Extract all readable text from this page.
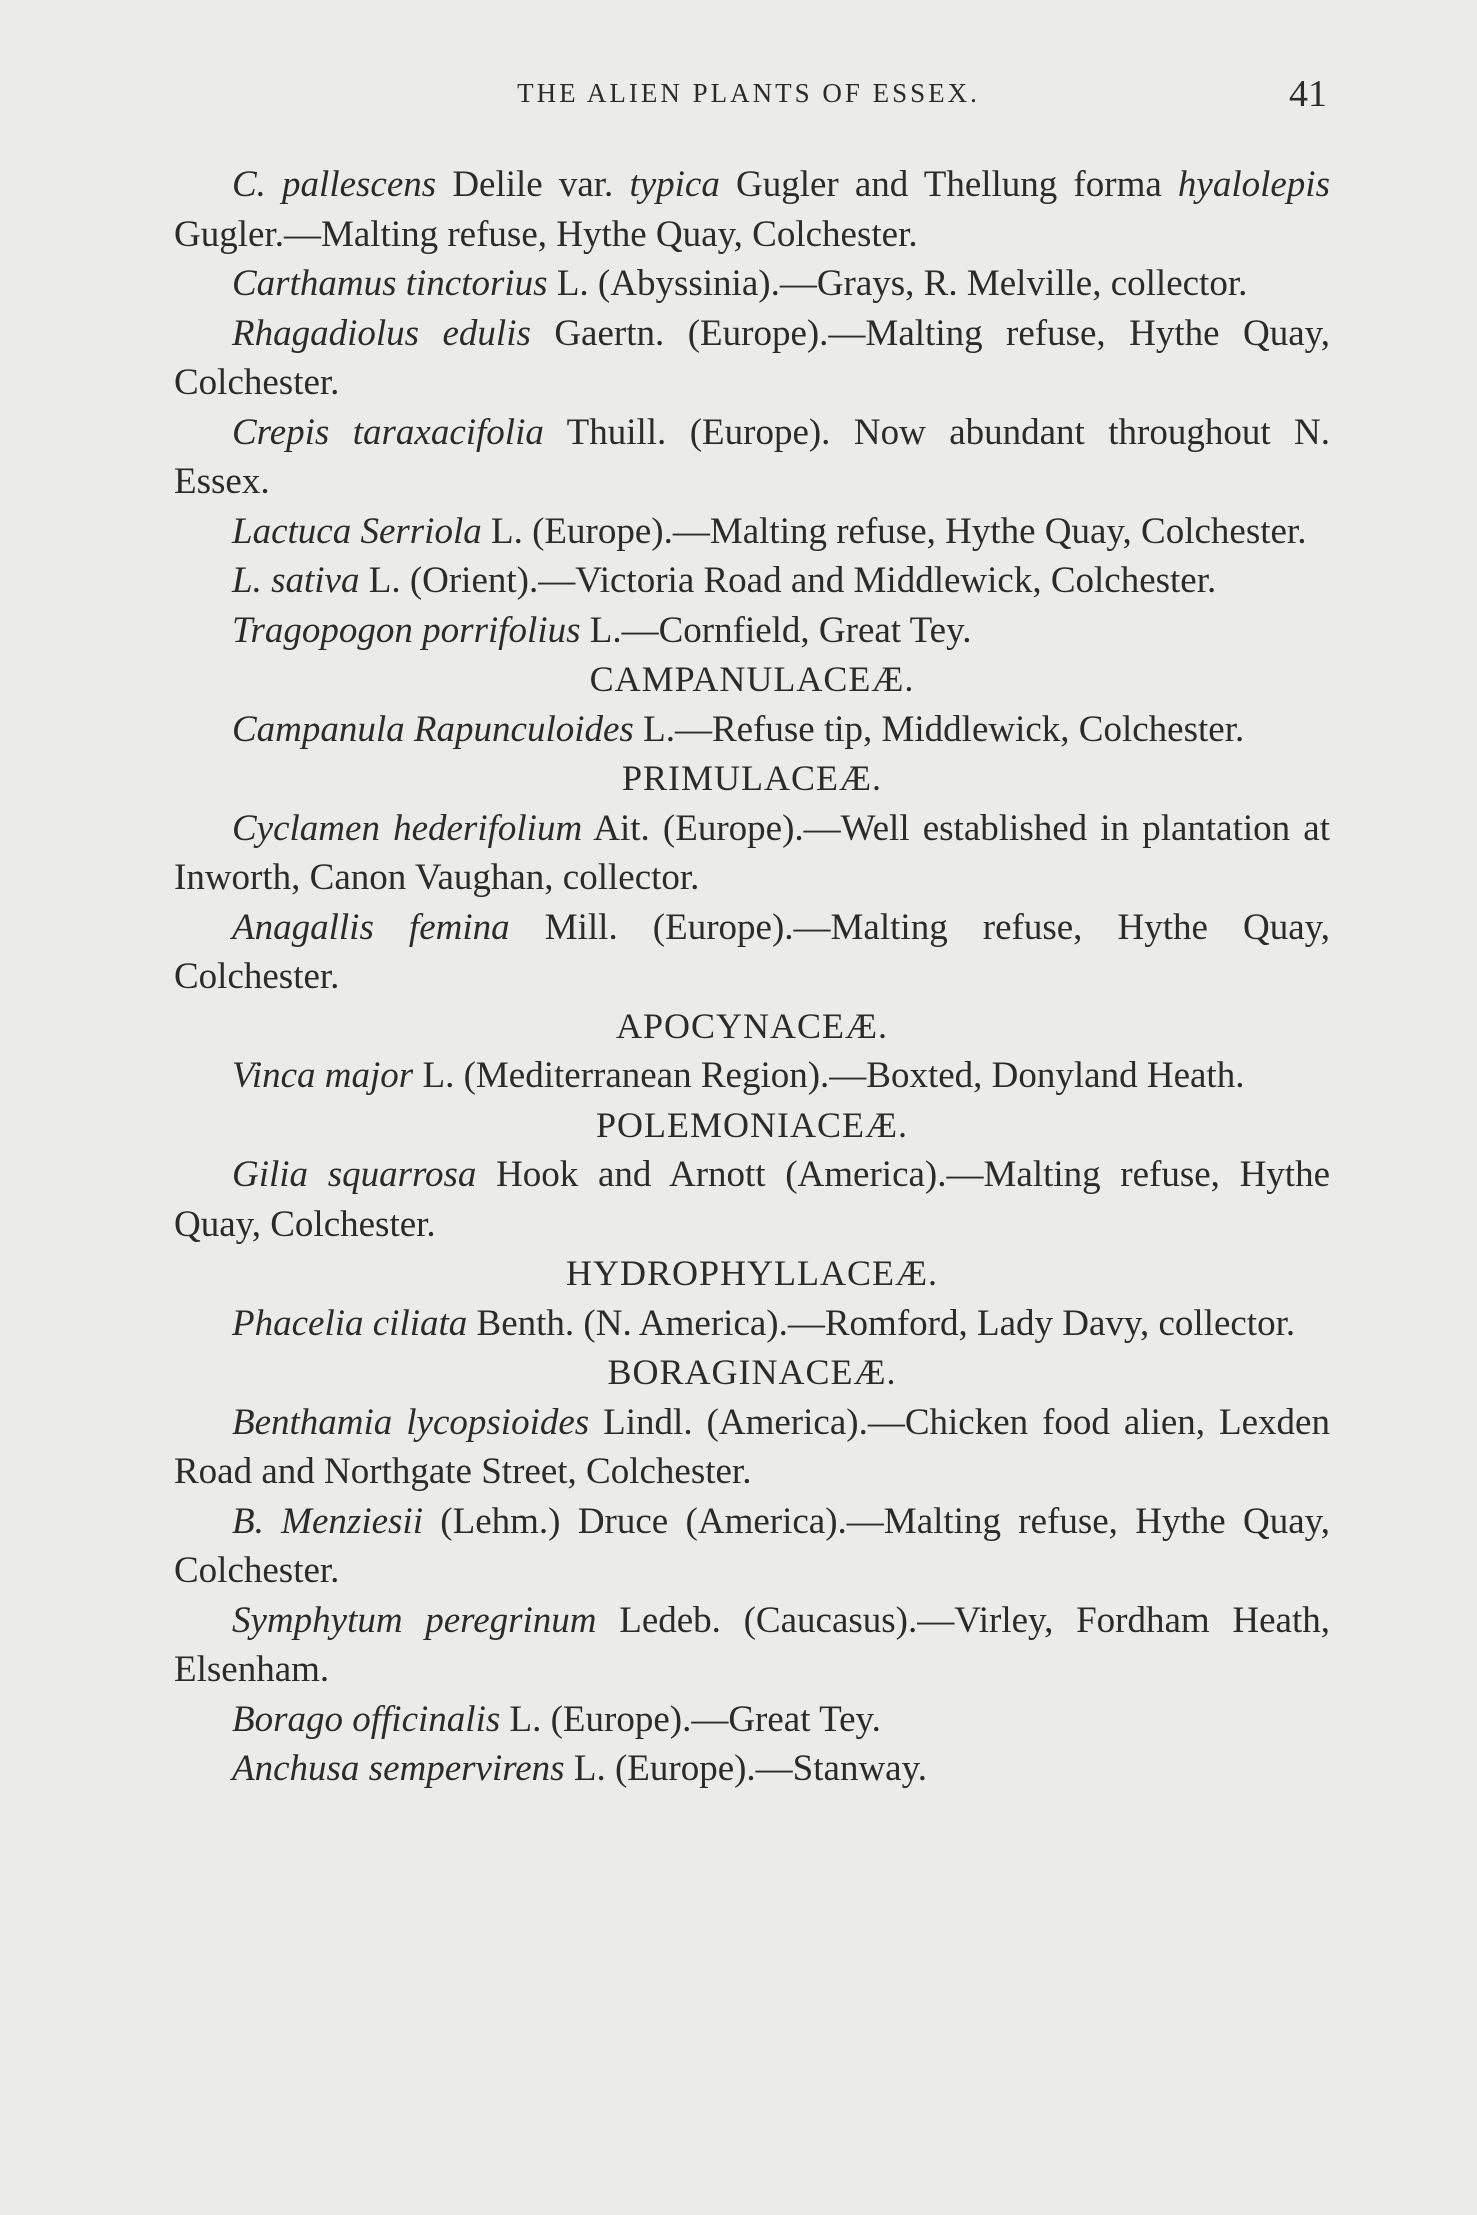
THE ALIEN PLANTS OF ESSEX.	41

C. pallescens Delile var. typica Gugler and Thellung forma hyalolepis Gugler.—Malting refuse, Hythe Quay, Colchester.

Carthamus tinctorius L. (Abyssinia).—Grays, R. Melville, collector.

Rhagadiolus edulis Gaertn. (Europe).—Malting refuse, Hythe Quay, Colchester.

Crepis taraxacifolia Thuill. (Europe). Now abundant throughout N. Essex.

Lactuca Serriola L. (Europe).—Malting refuse, Hythe Quay, Colchester.

L. sativa L. (Orient).—Victoria Road and Middlewick, Colchester.

Tragopogon porrifolius L.—Cornfield, Great Tey.

CAMPANULACEÆ.

Campanula Rapunculoides L.—Refuse tip, Middlewick, Colchester.

PRIMULACEÆ.

Cyclamen hederifolium Ait. (Europe).—Well established in plantation at Inworth, Canon Vaughan, collector.

Anagallis femina Mill. (Europe).—Malting refuse, Hythe Quay, Colchester.

APOCYNACEÆ.

Vinca major L. (Mediterranean Region).—Boxted, Donyland Heath.

POLEMONIACEÆ.

Gilia squarrosa Hook and Arnott (America).—Malting refuse, Hythe Quay, Colchester.

HYDROPHYLLACEÆ.

Phacelia ciliata Benth. (N. America).—Romford, Lady Davy, collector.

BORAGINACEÆ.

Benthamia lycopsioides Lindl. (America).—Chicken food alien, Lexden Road and Northgate Street, Colchester.

B. Menziesii (Lehm.) Druce (America).—Malting refuse, Hythe Quay, Colchester.

Symphytum peregrinum Ledeb. (Caucasus).—Virley, Fordham Heath, Elsenham.

Borago officinalis L. (Europe).—Great Tey.

Anchusa sempervirens L. (Europe).—Stanway.
